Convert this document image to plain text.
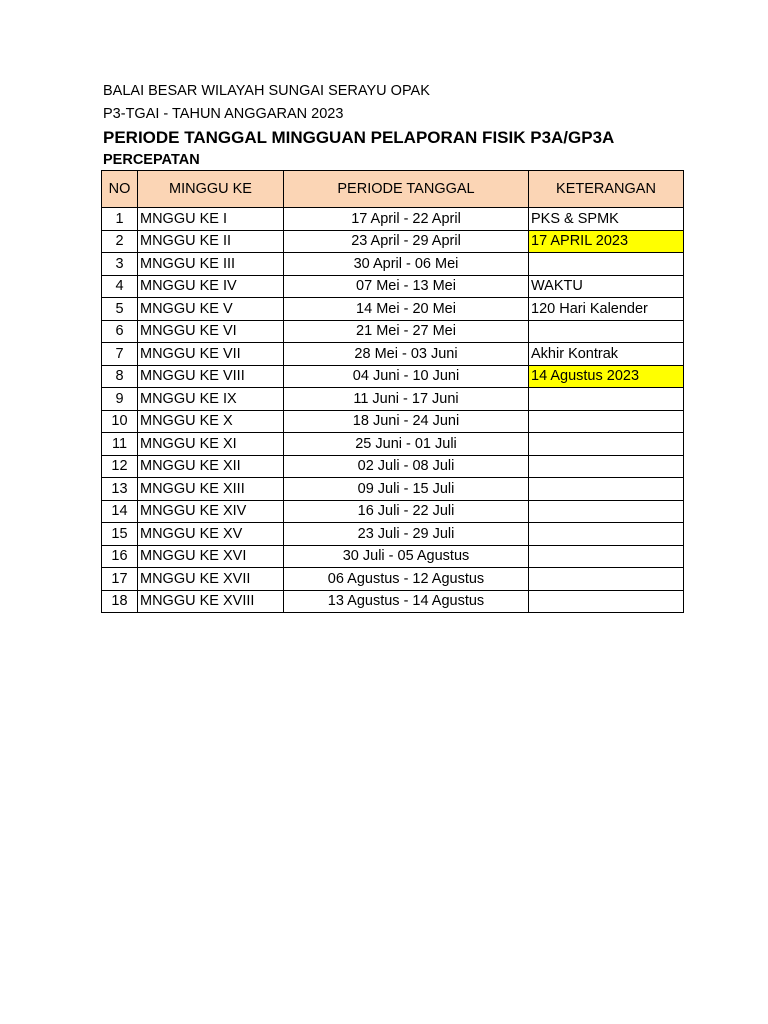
BALAI BESAR WILAYAH SUNGAI SERAYU OPAK
P3-TGAI - TAHUN ANGGARAN 2023
PERIODE TANGGAL MINGGUAN PELAPORAN FISIK P3A/GP3A
PERCEPATAN
NO	MINGGU KE	PERIODE TANGGAL	KETERANGAN
1	MNGGU KE I	17 April - 22 April	PKS & SPMK
2	MNGGU KE II	23 April - 29 April	17 APRIL 2023
3	MNGGU KE III	30 April - 06 Mei	
4	MNGGU KE IV	07 Mei - 13 Mei	WAKTU
5	MNGGU KE V	14 Mei - 20 Mei	120 Hari Kalender
6	MNGGU KE VI	21 Mei - 27 Mei	
7	MNGGU KE VII	28 Mei - 03 Juni	Akhir Kontrak
8	MNGGU KE VIII	04 Juni - 10 Juni	14 Agustus 2023
9	MNGGU KE IX	11 Juni - 17 Juni	
10	MNGGU KE X	18 Juni - 24 Juni	
11	MNGGU KE XI	25 Juni - 01 Juli	
12	MNGGU KE XII	02 Juli - 08 Juli	
13	MNGGU KE XIII	09 Juli - 15 Juli	
14	MNGGU KE XIV	16 Juli - 22 Juli	
15	MNGGU KE XV	23 Juli - 29 Juli	
16	MNGGU KE XVI	30 Juli - 05 Agustus	
17	MNGGU KE XVII	06 Agustus - 12 Agustus	
18	MNGGU KE XVIII	13 Agustus - 14 Agustus	
